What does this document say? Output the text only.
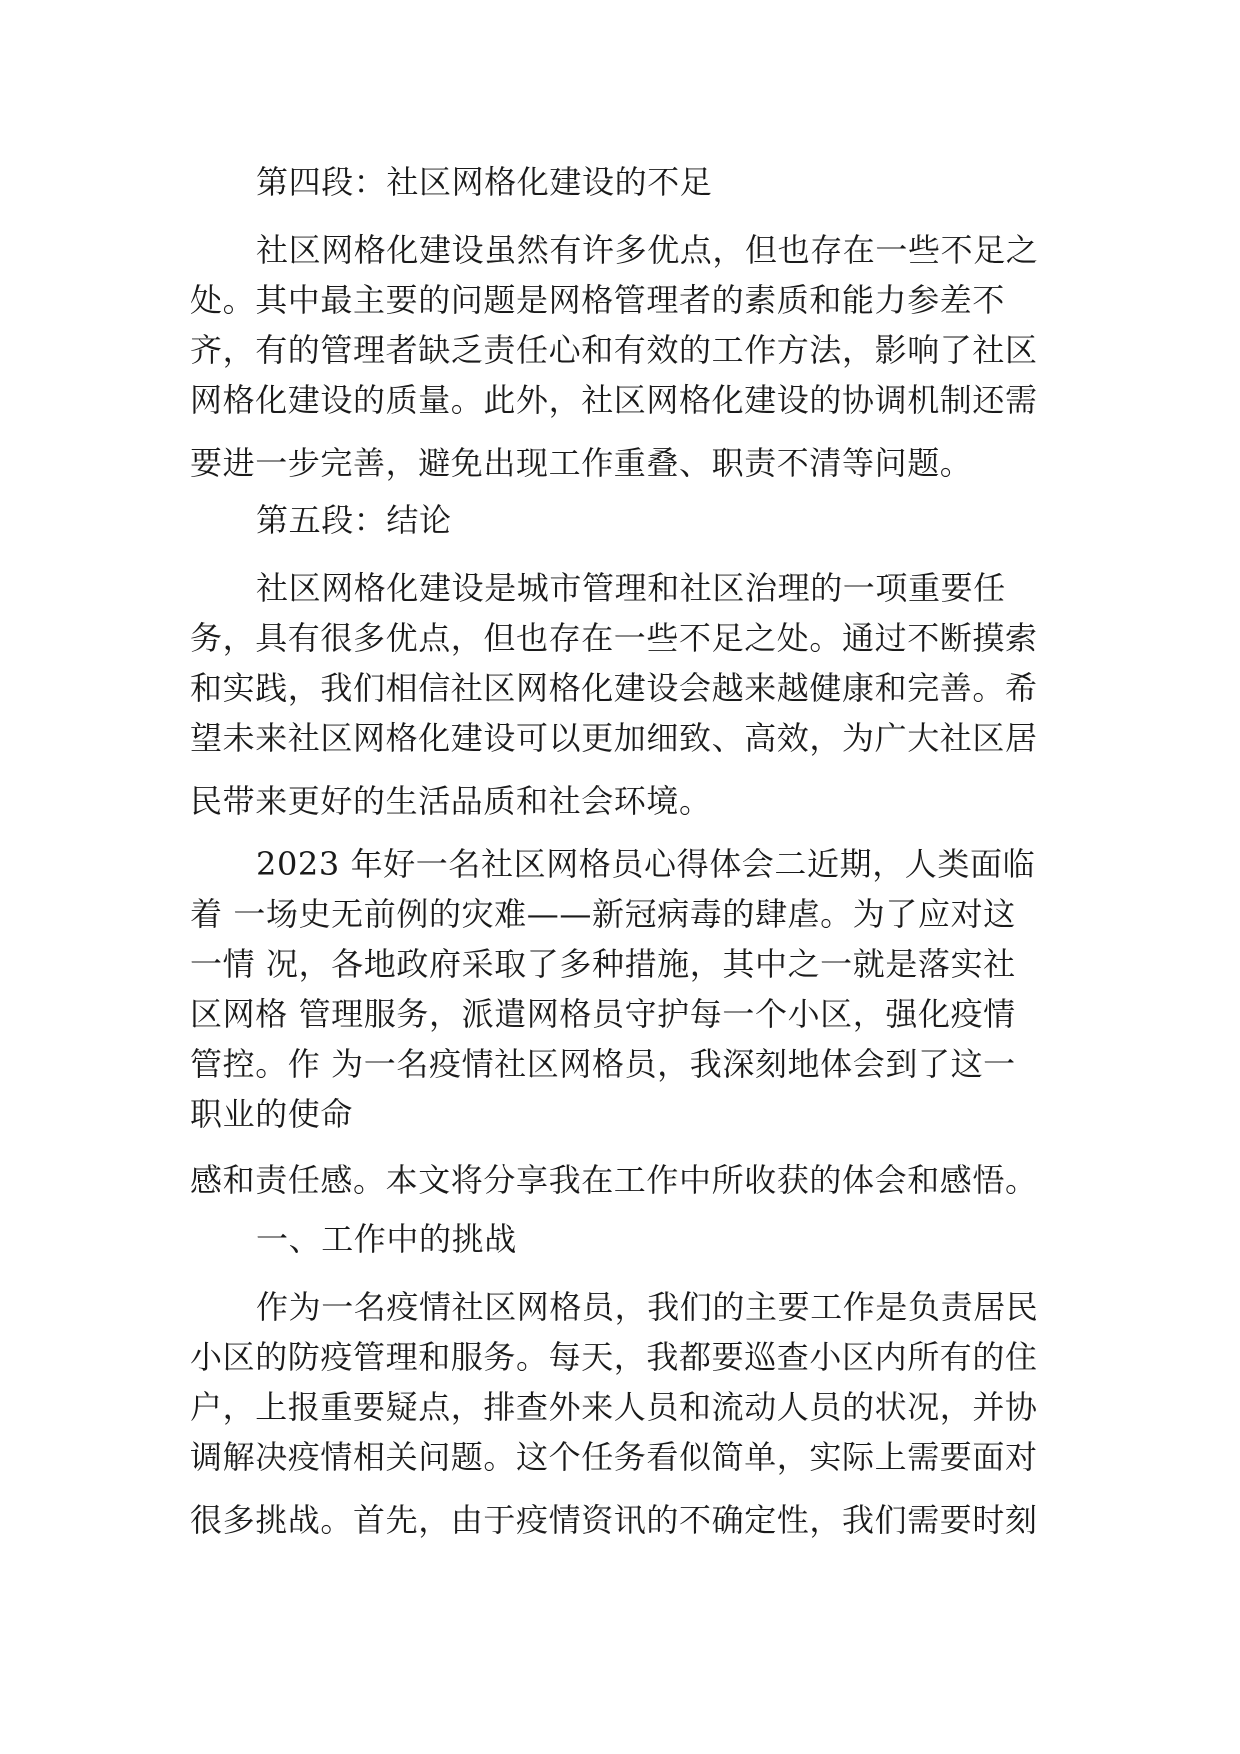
第四段：社区网格化建设的不足

社区网格化建设虽然有许多优点，但也存在一些不足之

处。其中最主要的问题是网格管理者的素质和能力参差不

齐，有的管理者缺乏责任心和有效的工作方法，影响了社区

网格化建设的质量。此外，社区网格化建设的协调机制还需

要进一步完善，避免出现工作重叠、职责不清等问题。

第五段：结论

社区网格化建设是城市管理和社区治理的一项重要任

务，具有很多优点，但也存在一些不足之处。通过不断摸索

和实践，我们相信社区网格化建设会越来越健康和完善。希

望未来社区网格化建设可以更加细致、高效，为广大社区居

民带来更好的生活品质和社会环境。

2023 年好一名社区网格员心得体会二近期，人类面临

着 一场史无前例的灾难——新冠病毒的肆虐。为了应对这

一情 况，各地政府采取了多种措施，其中之一就是落实社

区网格 管理服务，派遣网格员守护每一个小区，强化疫情

管控。作 为一名疫情社区网格员，我深刻地体会到了这一

职业的使命

感和责任感。本文将分享我在工作中所收获的体会和感悟。

一、工作中的挑战

作为一名疫情社区网格员，我们的主要工作是负责居民

小区的防疫管理和服务。每天，我都要巡查小区内所有的住

户，上报重要疑点，排查外来人员和流动人员的状况，并协

调解决疫情相关问题。这个任务看似简单，实际上需要面对

很多挑战。首先，由于疫情资讯的不确定性，我们需要时刻
